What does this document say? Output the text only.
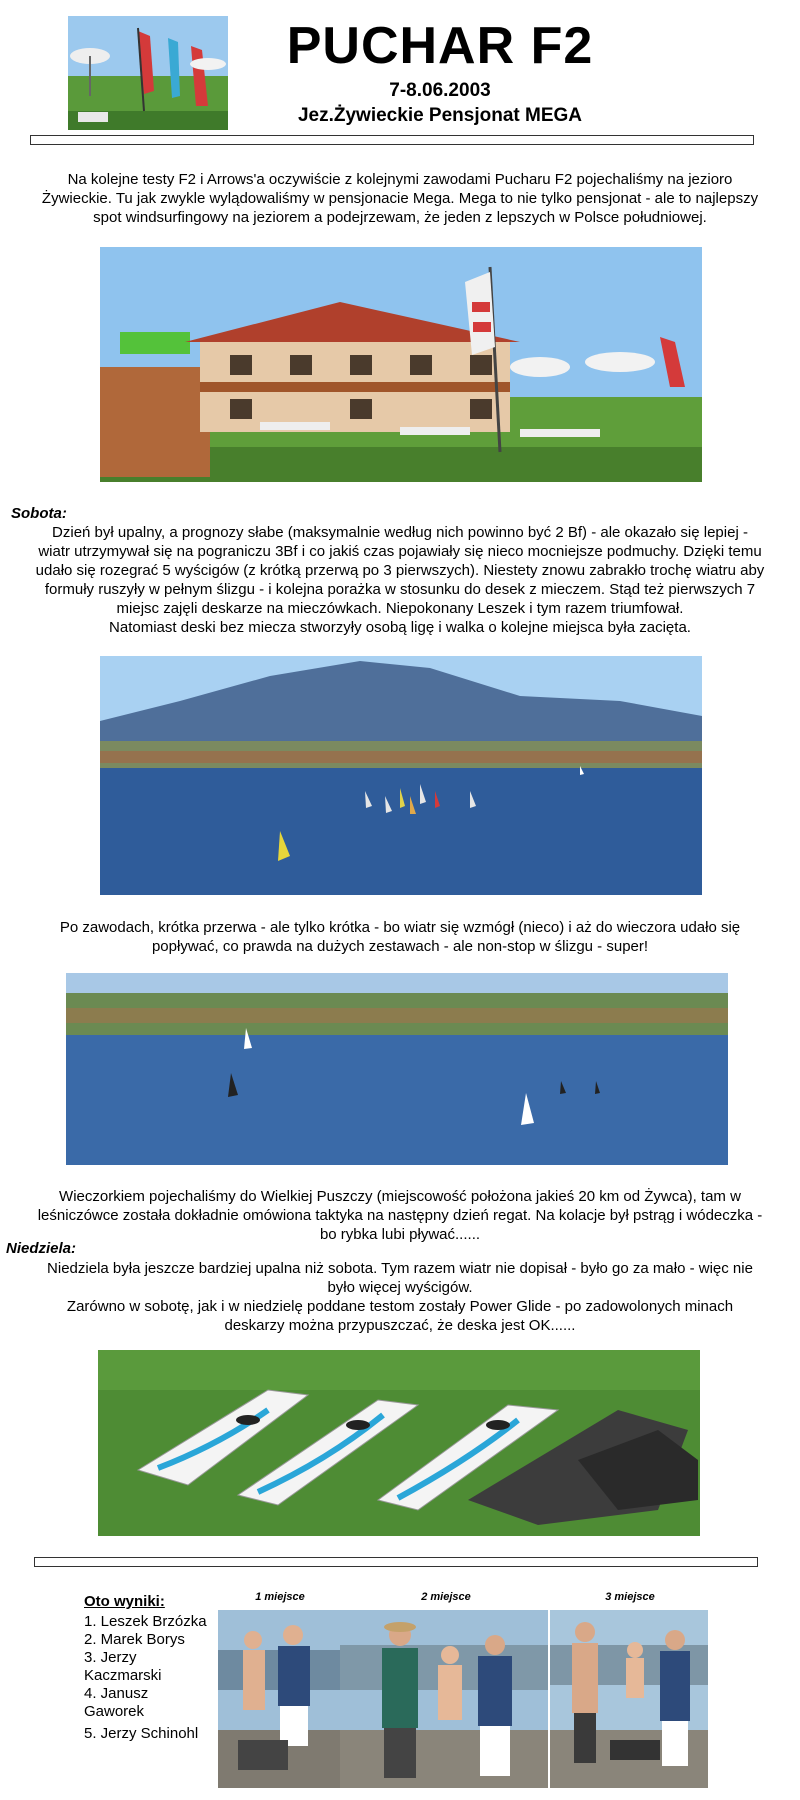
PUCHAR F2
7-8.06.2003
Jez.Żywieckie Pensjonat MEGA
Na kolejne testy F2 i Arrows'a oczywiście z kolejnymi zawodami Pucharu F2 pojechaliśmy na jezioro
Żywieckie. Tu jak zwykle wylądowaliśmy w pensjonacie Mega. Mega to nie tylko pensjonat - ale to najlepszy
spot windsurfingowy na jeziorem a podejrzewam, że jeden z lepszych w Polsce południowej.
Sobota:
Dzień był upalny, a prognozy słabe (maksymalnie według nich powinno być 2 Bf) - ale okazało się lepiej -
wiatr utrzymywał się na pograniczu 3Bf i co jakiś czas pojawiały się nieco mocniejsze podmuchy. Dzięki temu
udało się rozegrać 5 wyścigów (z krótką przerwą po 3 pierwszych). Niestety znowu zabrakło trochę wiatru aby
formuły ruszyły w pełnym ślizgu - i kolejna porażka w stosunku do desek z mieczem. Stąd też pierwszych 7
miejsc zajęli deskarze na mieczówkach. Niepokonany Leszek i tym razem triumfował.
Natomiast deski bez miecza stworzyły osobą ligę i walka o kolejne miejsca była zacięta.
Po zawodach, krótka przerwa - ale tylko krótka - bo wiatr się wzmógł (nieco) i aż do wieczora udało się
popływać, co prawda na dużych zestawach - ale non-stop w ślizgu - super!
Wieczorkiem pojechaliśmy do Wielkiej Puszczy (miejscowość położona jakieś 20 km od Żywca), tam w
leśniczówce została dokładnie omówiona taktyka na następny dzień regat. Na kolacje był pstrąg i wódeczka -
bo rybka lubi pływać......
Niedziela:
Niedziela była jeszcze bardziej upalna niż sobota. Tym razem wiatr nie dopisał - było go za mało - więc nie
było więcej wyścigów.
Zarówno w sobotę, jak i w niedzielę poddane testom zostały Power Glide - po zadowolonych minach
deskarzy można przypuszczać, że deska jest OK......
Oto wyniki:
1. Leszek Brzózka
2. Marek Borys
3. Jerzy
Kaczmarski
4. Janusz
Gaworek
5. Jerzy Schinohl
1 miejsce	2 miejsce	3 miejsce
